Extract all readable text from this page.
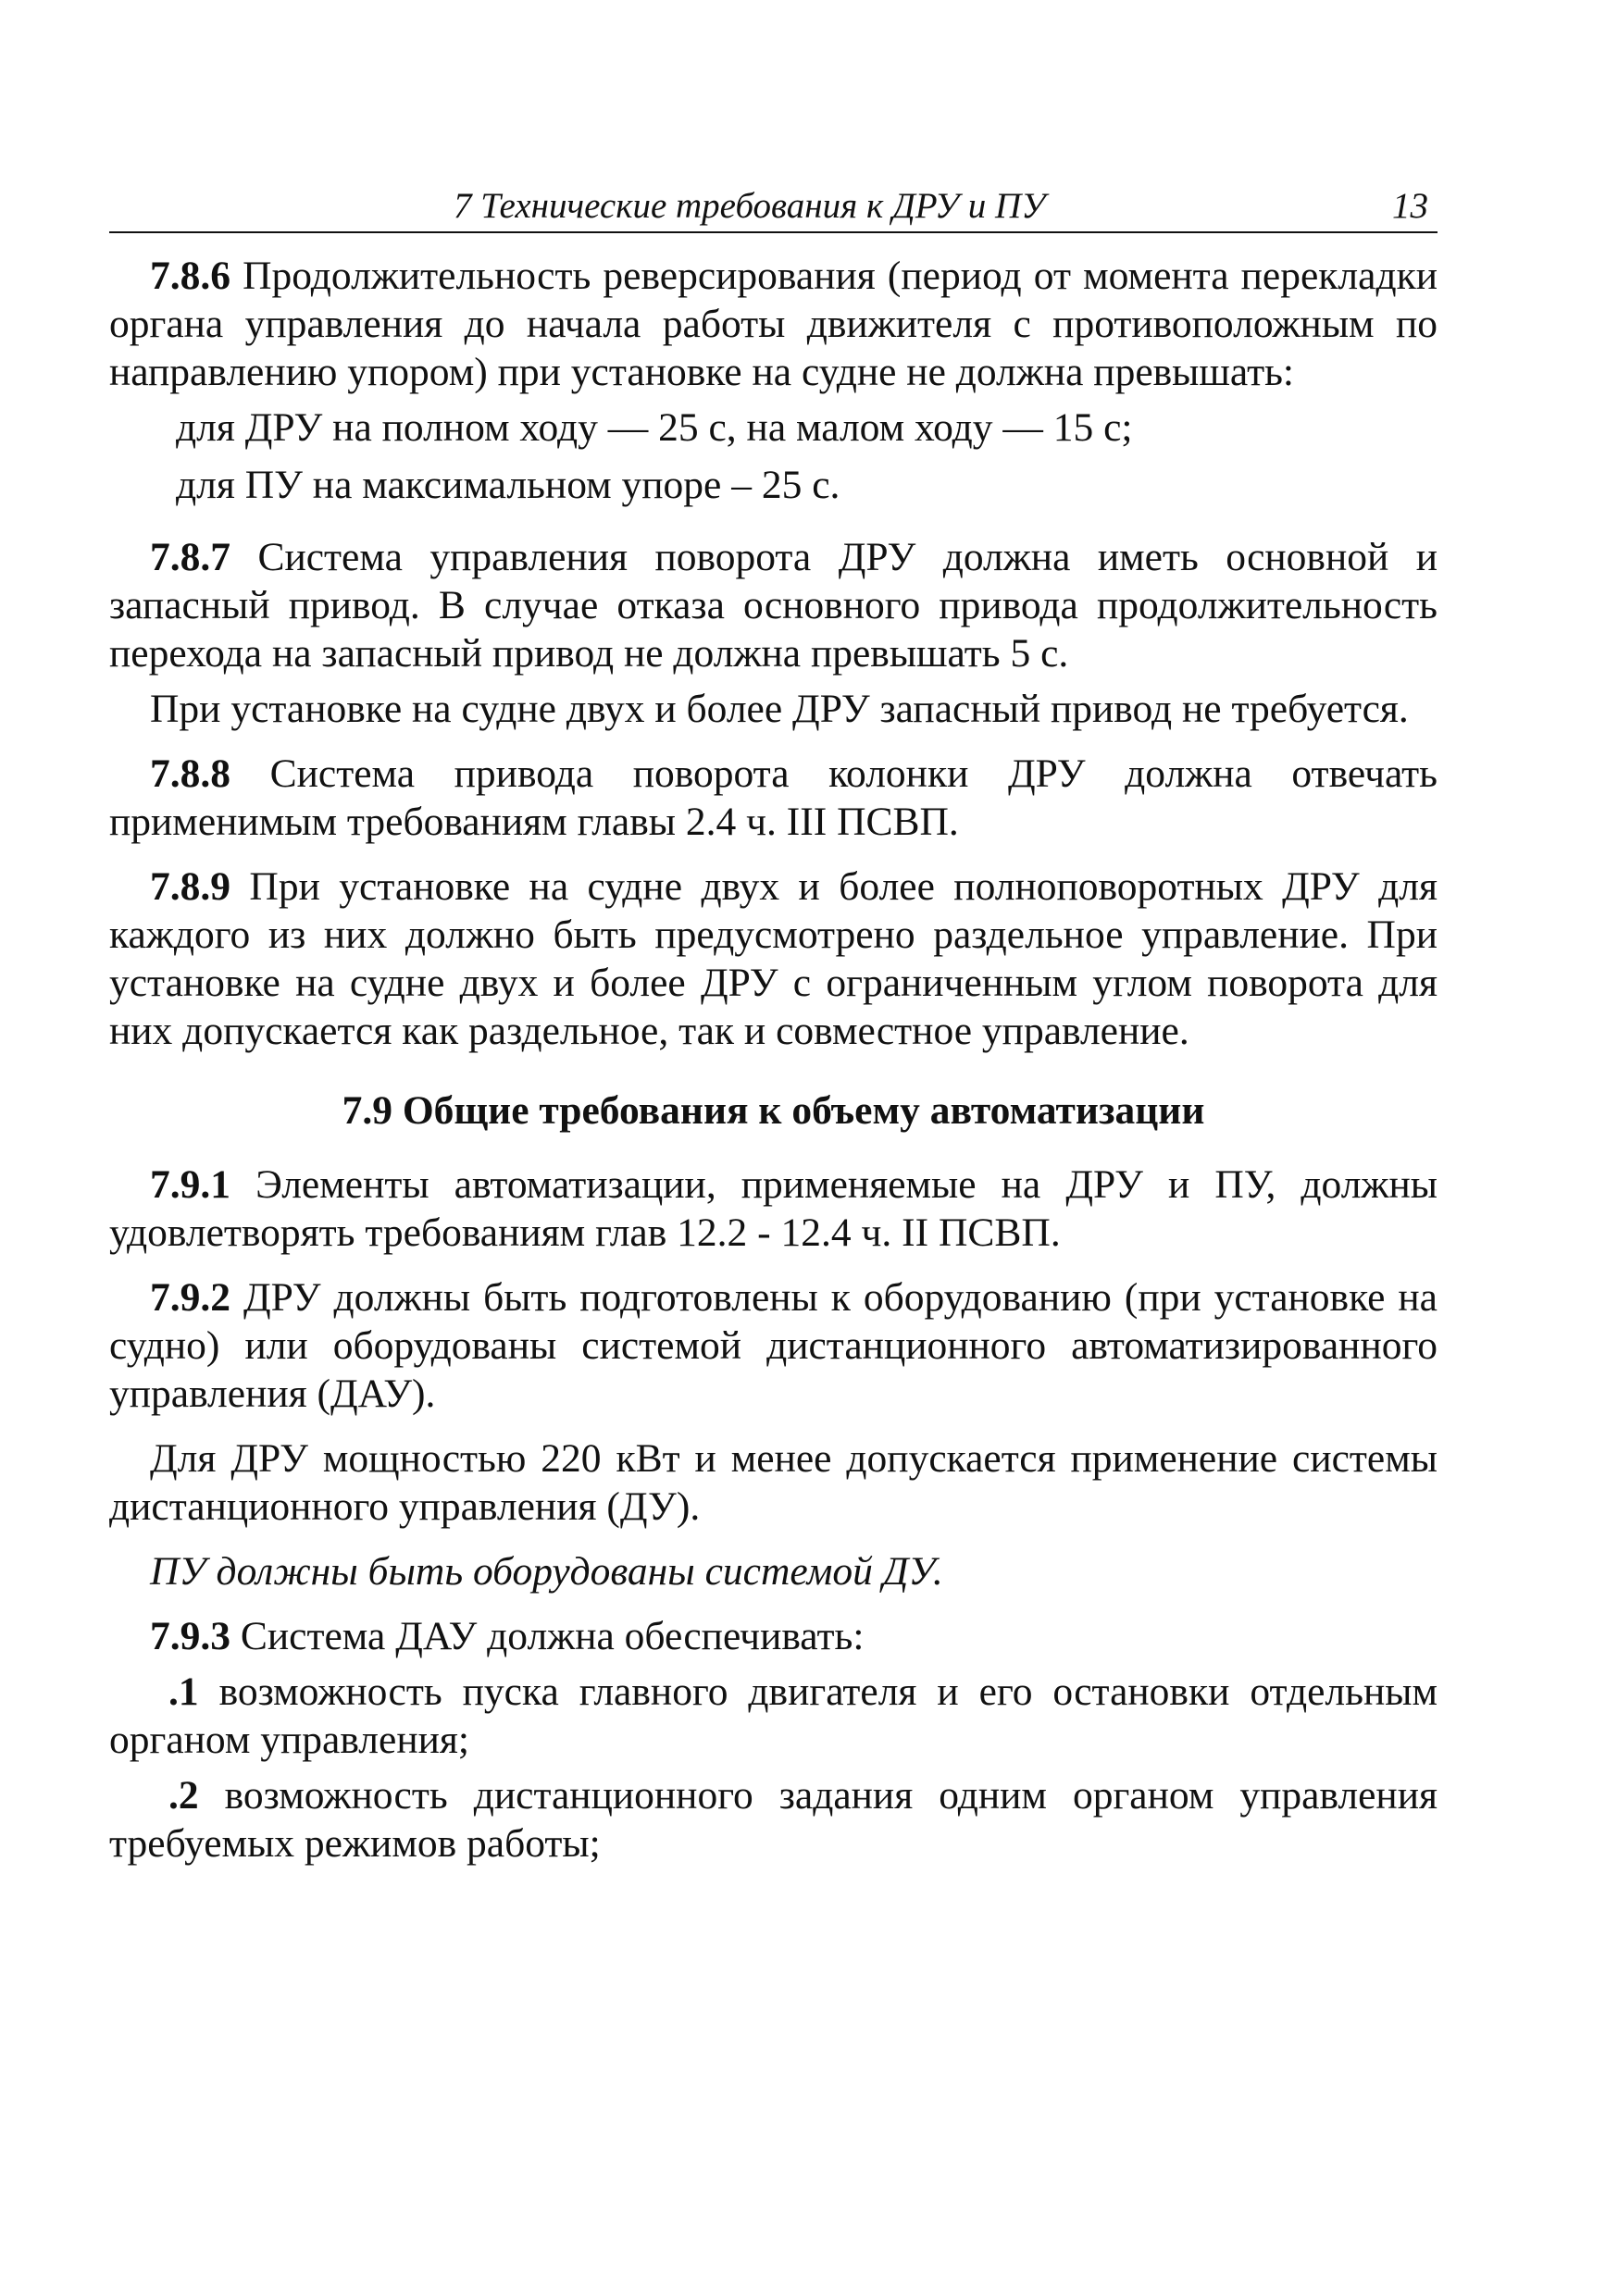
7 Технические требования к ДРУ и ПУ	13

7.8.6 Продолжительность реверсирования (период от момента перекладки органа управления до начала работы движителя с противоположным по направлению упором) при установке на судне не должна превышать:

для ДРУ на полном ходу — 25 с, на малом ходу — 15 с;

для ПУ на максимальном упоре – 25 с.

7.8.7 Система управления поворота ДРУ должна иметь основной и запасный привод. В случае отказа основного привода продолжительность перехода на запасный привод не должна превышать 5 с.

При установке на судне двух и более ДРУ запасный привод не требуется.

7.8.8 Система привода поворота колонки ДРУ должна отвечать применимым требованиям главы 2.4 ч. III ПСВП.

7.8.9 При установке на судне двух и более полноповоротных ДРУ для каждого из них должно быть предусмотрено раздельное управление. При установке на судне двух и более ДРУ с ограниченным углом поворота для них допускается как раздельное, так и совместное управление.

7.9 Общие требования к объему автоматизации

7.9.1 Элементы автоматизации, применяемые на ДРУ и ПУ, должны удовлетворять требованиям глав 12.2 - 12.4 ч. II ПСВП.

7.9.2 ДРУ должны быть подготовлены к оборудованию (при установке на судно) или оборудованы системой дистанционного автоматизированного управления (ДАУ).

Для ДРУ мощностью 220 кВт и менее допускается применение системы дистанционного управления (ДУ).

ПУ должны быть оборудованы системой ДУ.

7.9.3 Система ДАУ должна обеспечивать:

.1 возможность пуска главного двигателя и его остановки отдельным органом управления;

.2 возможность дистанционного задания одним органом управления требуемых режимов работы;
